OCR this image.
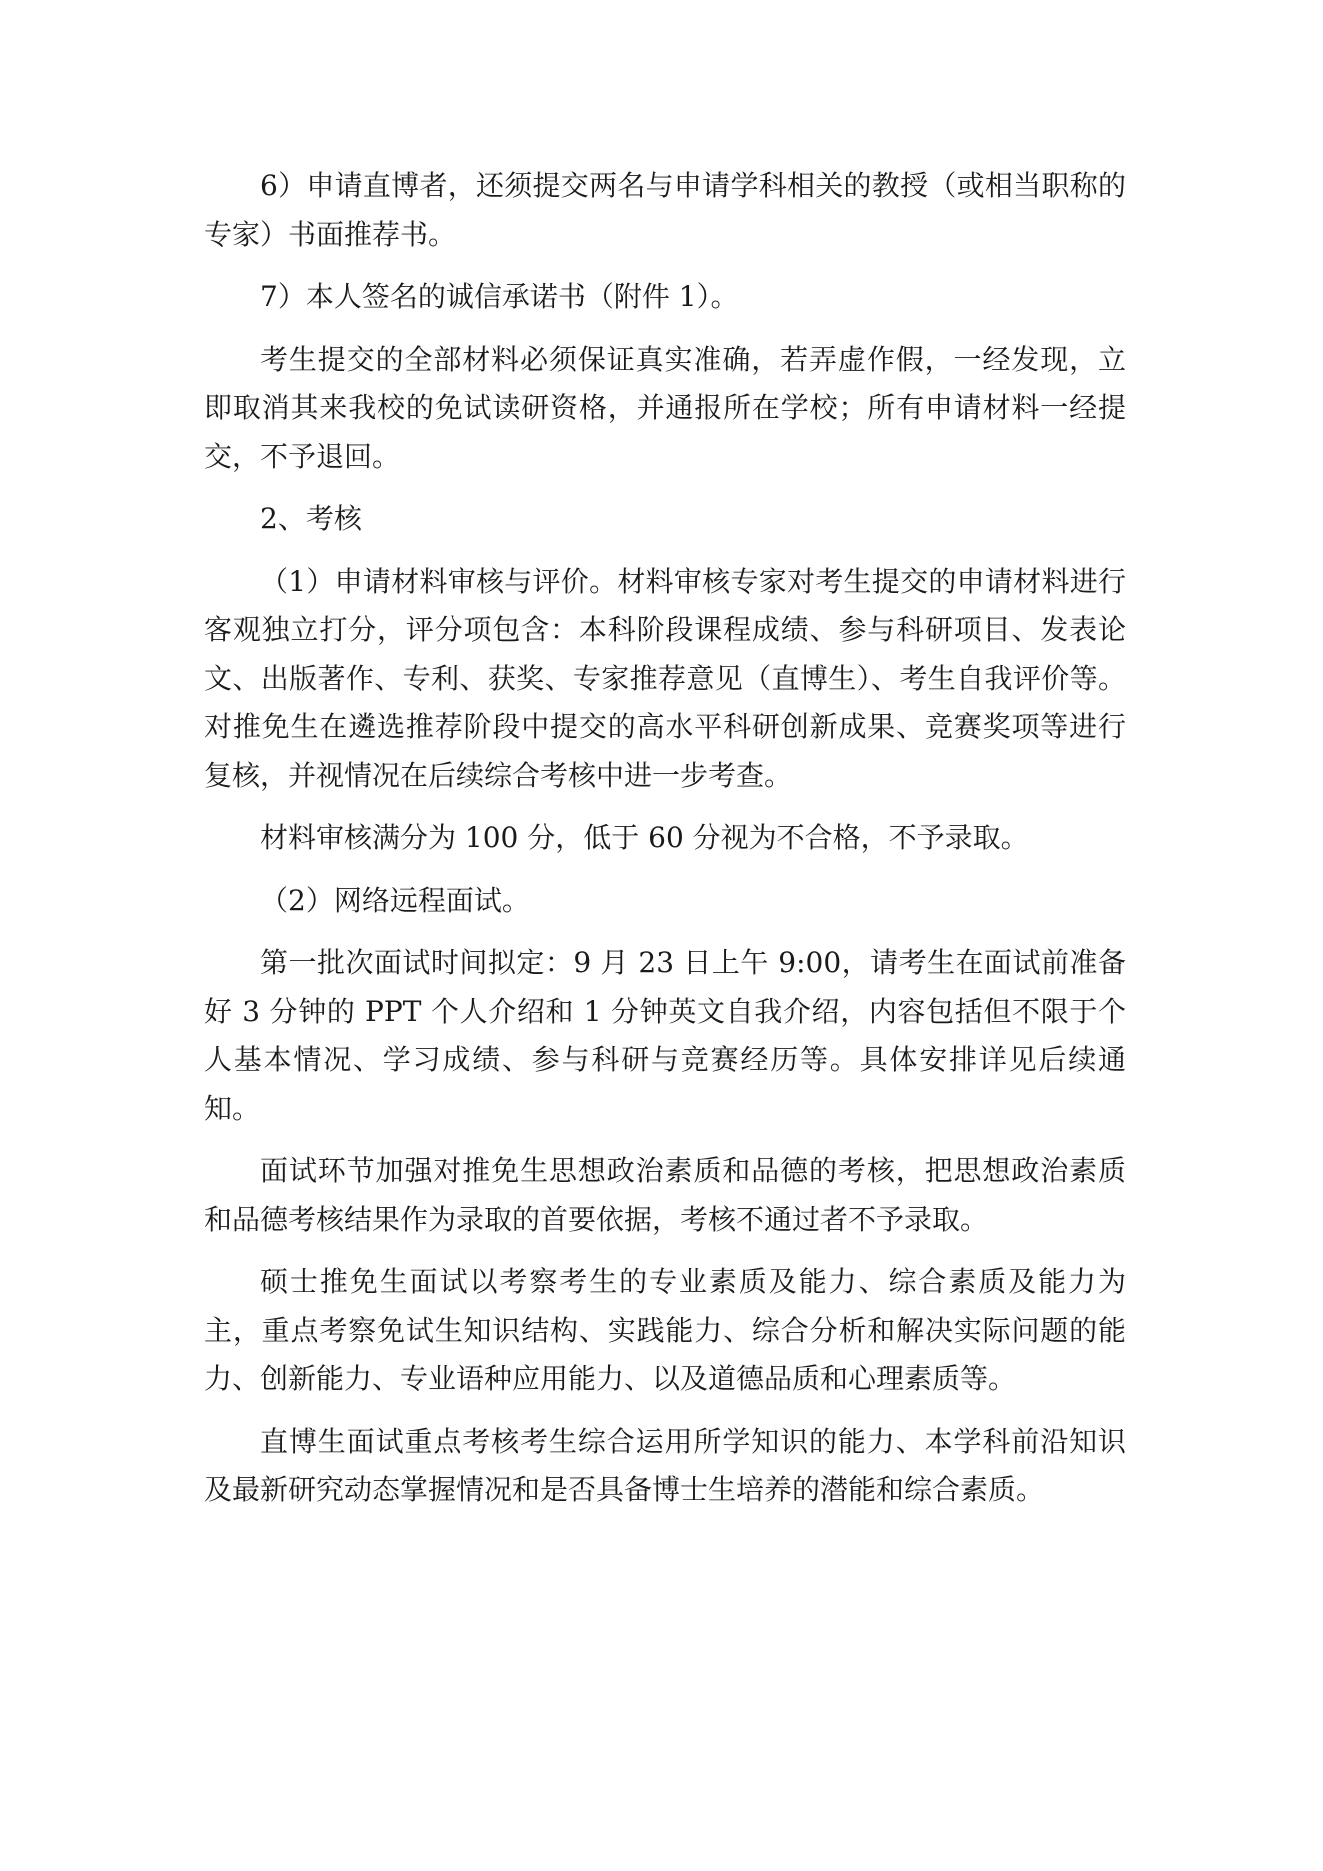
6）申请直博者，还须提交两名与申请学科相关的教授（或相当职称的专家）书面推荐书。

7）本人签名的诚信承诺书（附件 1）。

考生提交的全部材料必须保证真实准确，若弄虚作假，一经发现，立即取消其来我校的免试读研资格，并通报所在学校；所有申请材料一经提交，不予退回。

2、考核

（1）申请材料审核与评价。材料审核专家对考生提交的申请材料进行客观独立打分，评分项包含：本科阶段课程成绩、参与科研项目、发表论文、出版著作、专利、获奖、专家推荐意见（直博生）、考生自我评价等。对推免生在遴选推荐阶段中提交的高水平科研创新成果、竞赛奖项等进行复核，并视情况在后续综合考核中进一步考查。

材料审核满分为 100 分，低于 60 分视为不合格，不予录取。

（2）网络远程面试。

第一批次面试时间拟定：9 月 23 日上午 9:00，请考生在面试前准备好 3 分钟的 PPT 个人介绍和 1 分钟英文自我介绍，内容包括但不限于个人基本情况、学习成绩、参与科研与竞赛经历等。具体安排详见后续通知。

面试环节加强对推免生思想政治素质和品德的考核，把思想政治素质和品德考核结果作为录取的首要依据，考核不通过者不予录取。

硕士推免生面试以考察考生的专业素质及能力、综合素质及能力为主，重点考察免试生知识结构、实践能力、综合分析和解决实际问题的能力、创新能力、专业语种应用能力、以及道德品质和心理素质等。

直博生面试重点考核考生综合运用所学知识的能力、本学科前沿知识及最新研究动态掌握情况和是否具备博士生培养的潜能和综合素质。
